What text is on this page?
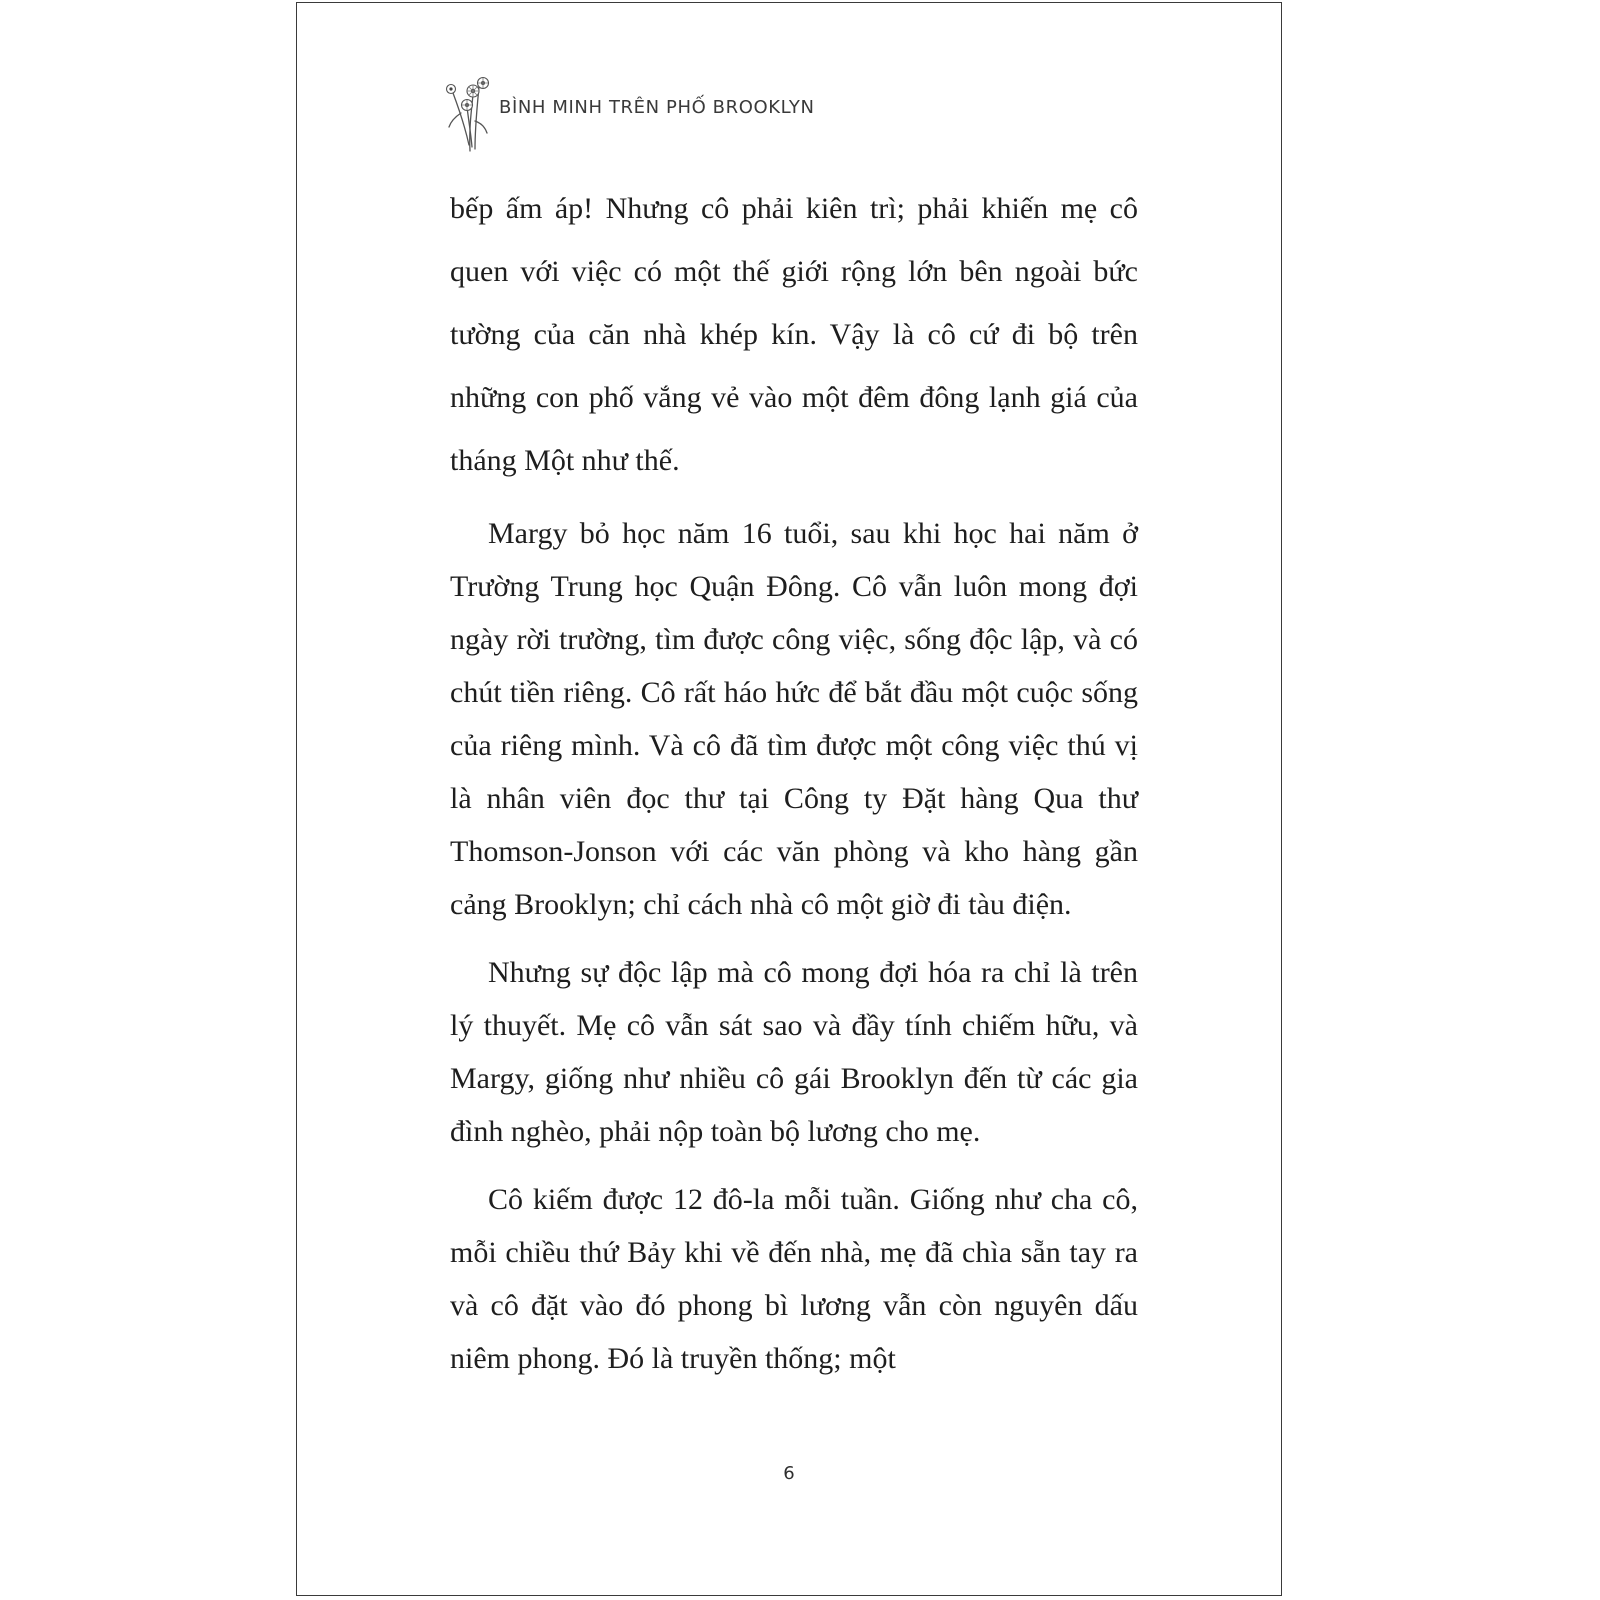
BÌNH MINH TRÊN PHỐ BROOKLYN

bếp ấm áp! Nhưng cô phải kiên trì; phải khiến mẹ cô quen với việc có một thế giới rộng lớn bên ngoài bức tường của căn nhà khép kín. Vậy là cô cứ đi bộ trên những con phố vắng vẻ vào một đêm đông lạnh giá của tháng Một như thế.

Margy bỏ học năm 16 tuổi, sau khi học hai năm ở Trường Trung học Quận Đông. Cô vẫn luôn mong đợi ngày rời trường, tìm được công việc, sống độc lập, và có chút tiền riêng. Cô rất háo hức để bắt đầu một cuộc sống của riêng mình. Và cô đã tìm được một công việc thú vị là nhân viên đọc thư tại Công ty Đặt hàng Qua thư Thomson-Jonson với các văn phòng và kho hàng gần cảng Brooklyn; chỉ cách nhà cô một giờ đi tàu điện.

Nhưng sự độc lập mà cô mong đợi hóa ra chỉ là trên lý thuyết. Mẹ cô vẫn sát sao và đầy tính chiếm hữu, và Margy, giống như nhiều cô gái Brooklyn đến từ các gia đình nghèo, phải nộp toàn bộ lương cho mẹ.

Cô kiếm được 12 đô-la mỗi tuần. Giống như cha cô, mỗi chiều thứ Bảy khi về đến nhà, mẹ đã chìa sẵn tay ra và cô đặt vào đó phong bì lương vẫn còn nguyên dấu niêm phong. Đó là truyền thống; một

6
